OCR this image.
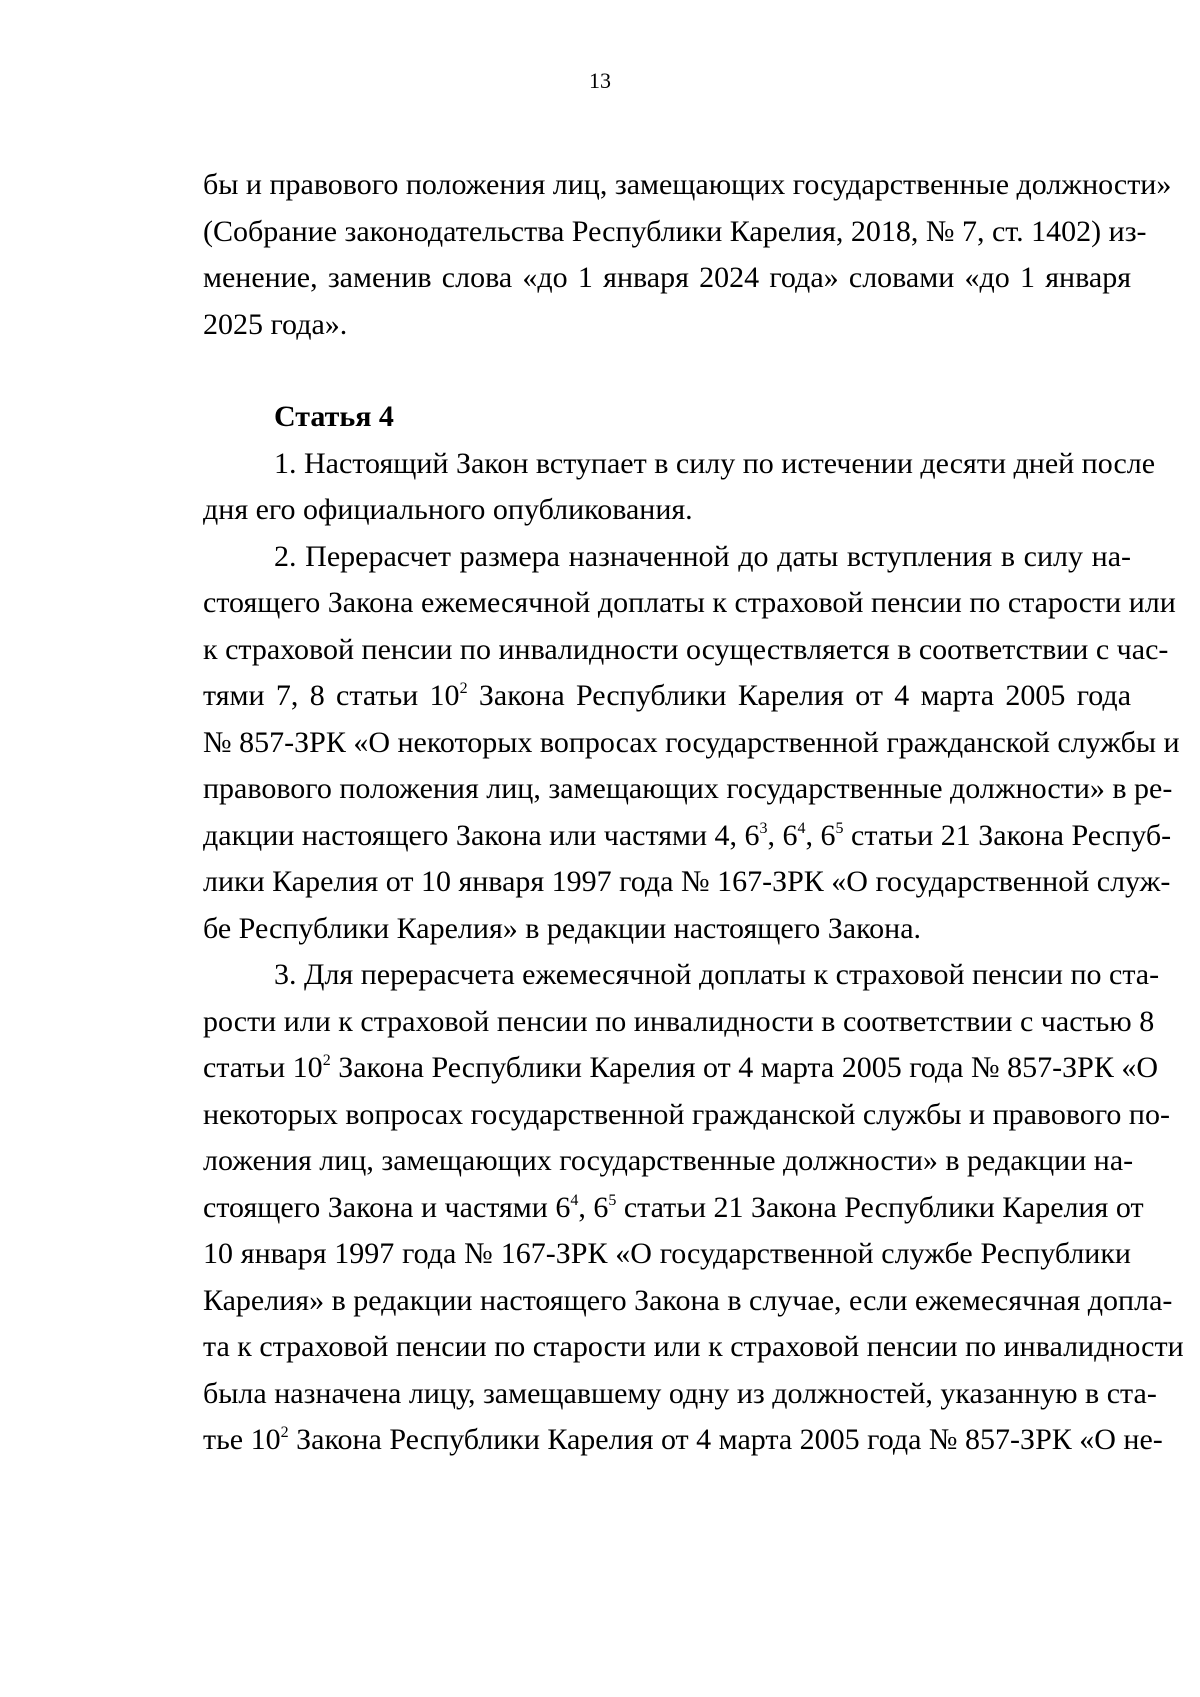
13

бы и правового положения лиц, замещающих государственные должности»
(Собрание законодательства Республики Карелия, 2018, № 7, ст. 1402) из-
менение, заменив слова «до 1 января 2024 года» словами «до 1 января
2025 года».

Статья 4

1. Настоящий Закон вступает в силу по истечении десяти дней после
дня его официального опубликования.

2. Перерасчет размера назначенной до даты вступления в силу на-
стоящего Закона ежемесячной доплаты к страховой пенсии по старости или
к страховой пенсии по инвалидности осуществляется в соответствии с час-
тями 7, 8 статьи $10^2$ Закона Республики Карелия от 4 марта 2005 года
№ 857-ЗРК «О некоторых вопросах государственной гражданской службы и
правового положения лиц, замещающих государственные должности» в ре-
дакции настоящего Закона или частями 4, $6^3$, $6^4$, $6^5$ статьи 21 Закона Респуб-
лики Карелия от 10 января 1997 года № 167-ЗРК «О государственной служ-
бе Республики Карелия» в редакции настоящего Закона.

3. Для перерасчета ежемесячной доплаты к страховой пенсии по ста-
рости или к страховой пенсии по инвалидности в соответствии с частью 8
статьи $10^2$ Закона Республики Карелия от 4 марта 2005 года № 857-ЗРК «О
некоторых вопросах государственной гражданской службы и правового по-
ложения лиц, замещающих государственные должности» в редакции на-
стоящего Закона и частями $6^4$, $6^5$ статьи 21 Закона Республики Карелия от
10 января 1997 года № 167-ЗРК «О государственной службе Республики
Карелия» в редакции настоящего Закона в случае, если ежемесячная допла-
та к страховой пенсии по старости или к страховой пенсии по инвалидности
была назначена лицу, замещавшему одну из должностей, указанную в ста-
тье $10^2$ Закона Республики Карелия от 4 марта 2005 года № 857-ЗРК «О не-
